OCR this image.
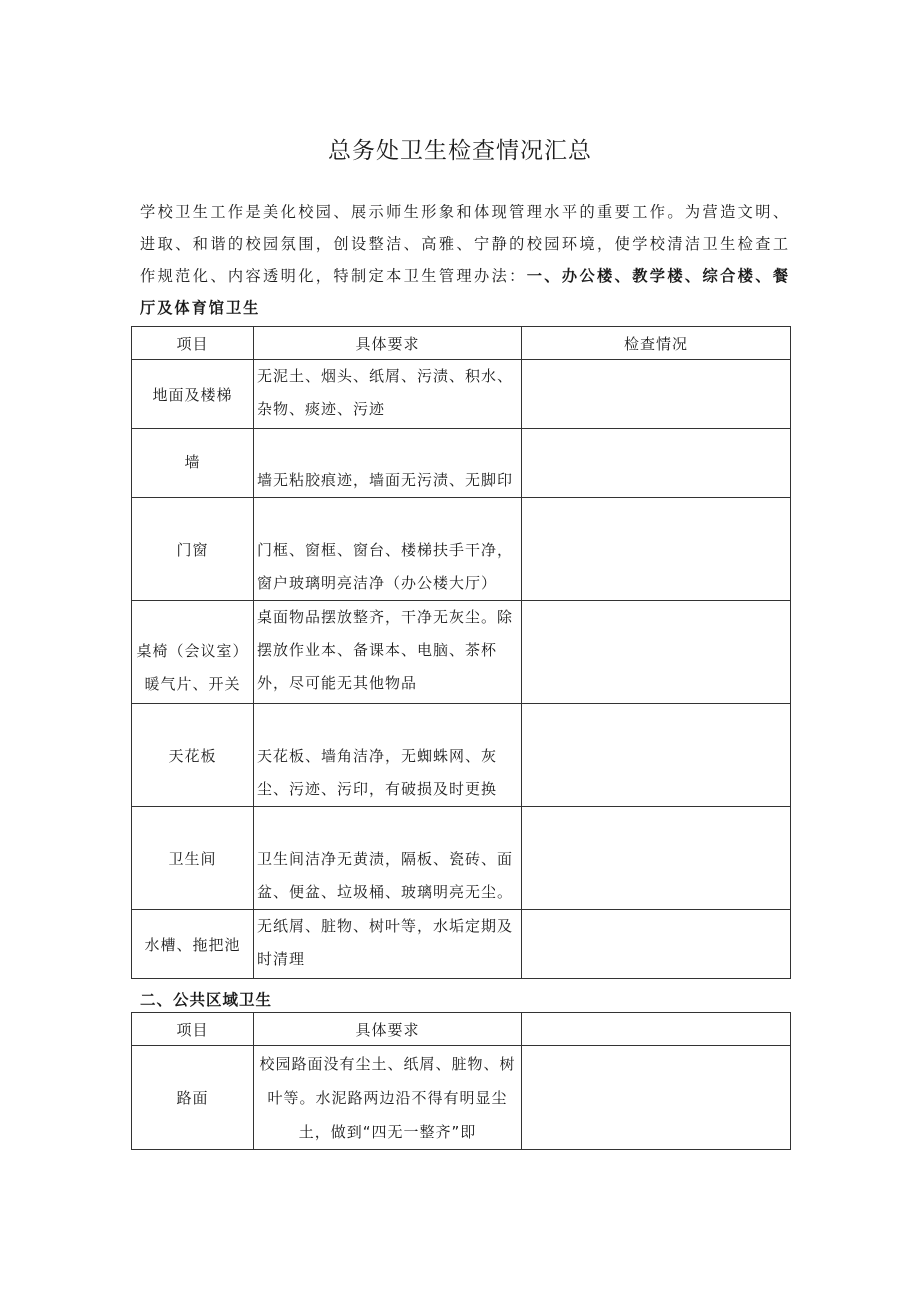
总务处卫生检查情况汇总
学校卫生工作是美化校园、展示师生形象和体现管理水平的重要工作。为营造文明、进取、和谐的校园氛围，创设整洁、高雅、宁静的校园环境，使学校清洁卫生检查工作规范化、内容透明化，特制定本卫生管理办法：一、办公楼、教学楼、综合楼、餐厅及体育馆卫生
项目	具体要求	检查情况
地面及楼梯	无泥土、烟头、纸屑、污渍、积水、杂物、痰迹、污迹	
墙	墙无粘胶痕迹，墙面无污渍、无脚印	
门窗	门框、窗框、窗台、楼梯扶手干净，窗户玻璃明亮洁净（办公楼大厅）	
桌椅（会议室）暖气片、开关	桌面物品摆放整齐，干净无灰尘。除摆放作业本、备课本、电脑、茶杯外，尽可能无其他物品	
天花板	天花板、墙角洁净，无蜘蛛网、灰尘、污迹、污印，有破损及时更换	
卫生间	卫生间洁净无黄渍，隔板、瓷砖、面盆、便盆、垃圾桶、玻璃明亮无尘。	
水槽、拖把池	无纸屑、脏物、树叶等，水垢定期及时清理	
二、公共区域卫生
项目	具体要求	
路面	校园路面没有尘土、纸屑、脏物、树叶等。水泥路两边沿不得有明显尘土，做到“四无一整齐”即	
